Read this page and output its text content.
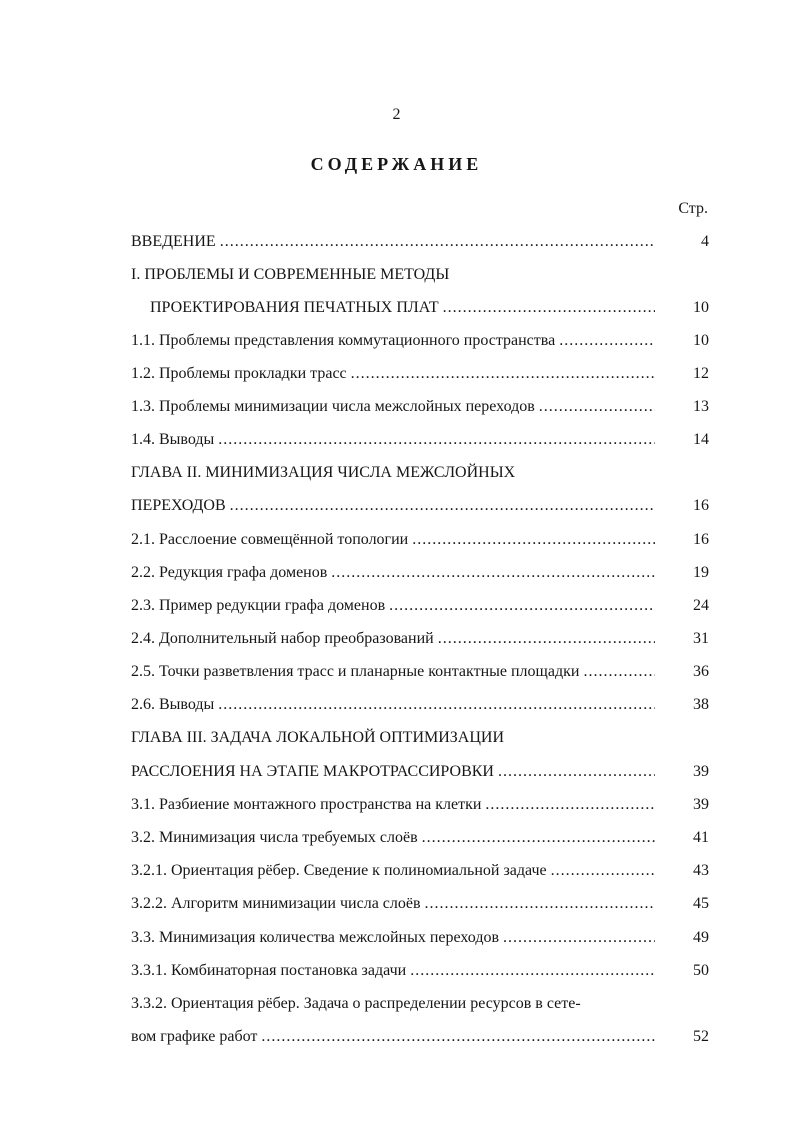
2
СОДЕРЖАНИЕ
Стр.
ВВЕДЕНИЕ .....	4
I. ПРОБЛЕМЫ И СОВРЕМЕННЫЕ МЕТОДЫ
ПРОЕКТИРОВАНИЯ ПЕЧАТНЫХ ПЛАТ .....	10
1.1. Проблемы представления коммутационного пространства .....	10
1.2. Проблемы прокладки трасс .....	12
1.3. Проблемы минимизации числа межслойных переходов .....	13
1.4. Выводы .....	14
ГЛАВА II. МИНИМИЗАЦИЯ ЧИСЛА МЕЖСЛОЙНЫХ
ПЕРЕХОДОВ .....	16
2.1. Расслоение совмещённой топологии .....	16
2.2. Редукция графа доменов .....	19
2.3. Пример редукции графа доменов .....	24
2.4. Дополнительный набор преобразований .....	31
2.5. Точки разветвления трасс и планарные контактные площадки .....	36
2.6. Выводы .....	38
ГЛАВА III. ЗАДАЧА ЛОКАЛЬНОЙ ОПТИМИЗАЦИИ
РАССЛОЕНИЯ НА ЭТАПЕ МАКРОТРАССИРОВКИ .....	39
3.1. Разбиение монтажного пространства на клетки .....	39
3.2. Минимизация числа требуемых слоёв .....	41
3.2.1. Ориентация рёбер. Сведение к полиномиальной задаче .....	43
3.2.2. Алгоритм минимизации числа слоёв .....	45
3.3. Минимизация количества межслойных переходов .....	49
3.3.1. Комбинаторная постановка задачи .....	50
3.3.2. Ориентация рёбер. Задача о распределении ресурсов в сете-
вом графике работ .....	52
